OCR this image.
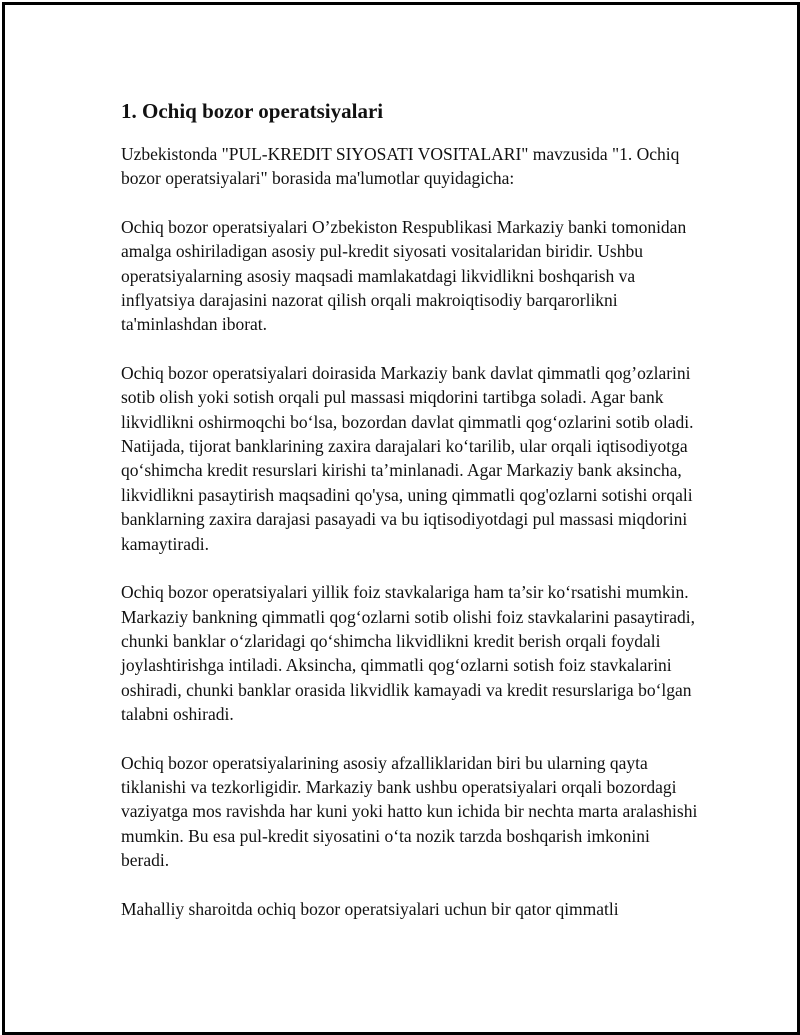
1. Ochiq bozor operatsiyalari

Uzbekistonda "PUL-KREDIT SIYOSATI VOSITALARI" mavzusida "1. Ochiq bozor operatsiyalari" borasida ma'lumotlar quyidagicha:

Ochiq bozor operatsiyalari O’zbekiston Respublikasi Markaziy banki tomonidan amalga oshiriladigan asosiy pul-kredit siyosati vositalaridan biridir. Ushbu operatsiyalarning asosiy maqsadi mamlakatdagi likvidlikni boshqarish va inflyatsiya darajasini nazorat qilish orqali makroiqtisodiy barqarorlikni ta'minlashdan iborat.

Ochiq bozor operatsiyalari doirasida Markaziy bank davlat qimmatli qog’ozlarini sotib olish yoki sotish orqali pul massasi miqdorini tartibga soladi. Agar bank likvidlikni oshirmoqchi bo‘lsa, bozordan davlat qimmatli qog‘ozlarini sotib oladi. Natijada, tijorat banklarining zaxira darajalari ko‘tarilib, ular orqali iqtisodiyotga qo‘shimcha kredit resurslari kirishi ta’minlanadi. Agar Markaziy bank aksincha, likvidlikni pasaytirish maqsadini qo'ysa, uning qimmatli qog'ozlarni sotishi orqali banklarning zaxira darajasi pasayadi va bu iqtisodiyotdagi pul massasi miqdorini kamaytiradi.

Ochiq bozor operatsiyalari yillik foiz stavkalariga ham ta’sir ko‘rsatishi mumkin. Markaziy bankning qimmatli qog‘ozlarni sotib olishi foiz stavkalarini pasaytiradi, chunki banklar o‘zlaridagi qo‘shimcha likvidlikni kredit berish orqali foydali joylashtirishga intiladi. Aksincha, qimmatli qog‘ozlarni sotish foiz stavkalarini oshiradi, chunki banklar orasida likvidlik kamayadi va kredit resurslariga bo‘lgan talabni oshiradi.

Ochiq bozor operatsiyalarining asosiy afzalliklaridan biri bu ularning qayta tiklanishi va tezkorligidir. Markaziy bank ushbu operatsiyalari orqali bozordagi vaziyatga mos ravishda har kuni yoki hatto kun ichida bir nechta marta aralashishi mumkin. Bu esa pul-kredit siyosatini o‘ta nozik tarzda boshqarish imkonini beradi.

Mahalliy sharoitda ochiq bozor operatsiyalari uchun bir qator qimmatli
